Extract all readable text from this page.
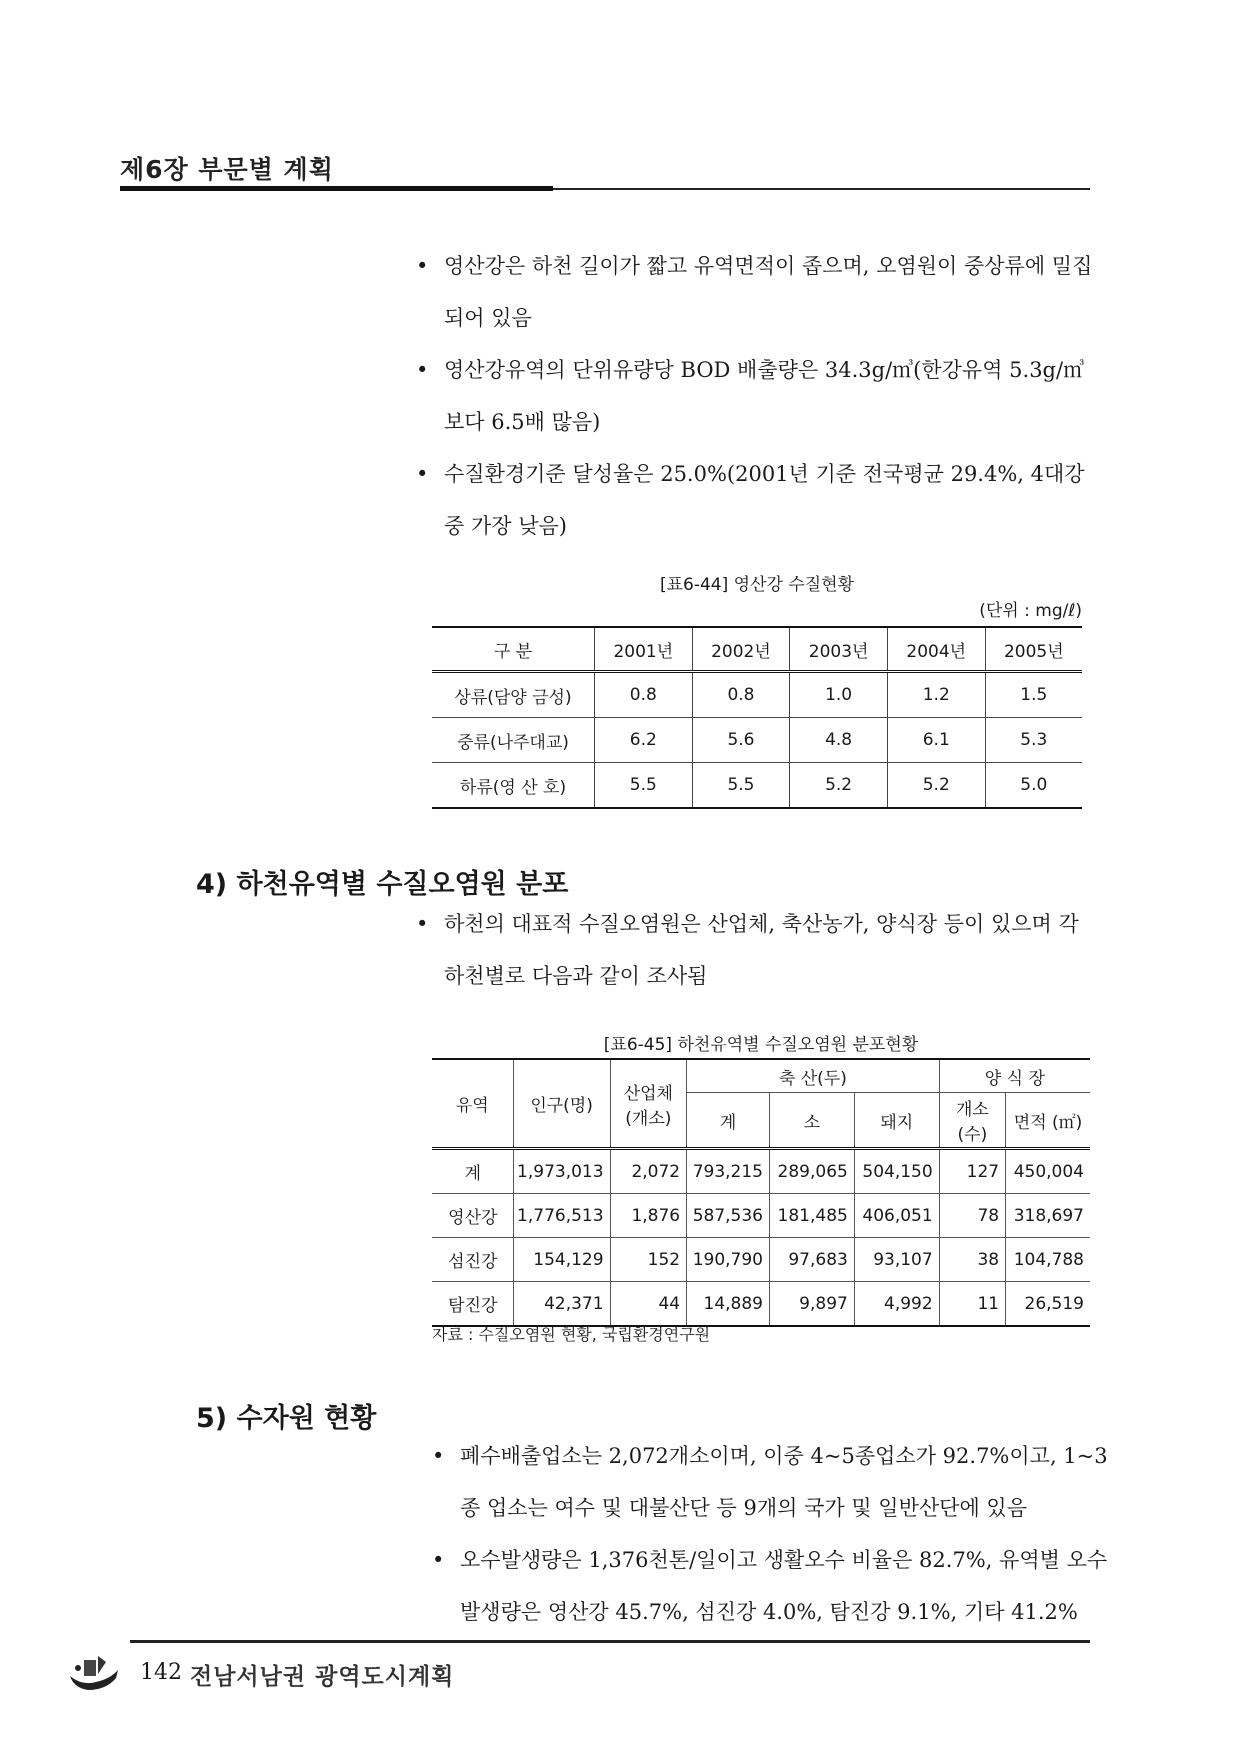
제6장 부문별 계획
• 영산강은 하천 길이가 짧고 유역면적이 좁으며, 오염원이 중상류에 밀집되어 있음
• 영산강유역의 단위유량당 BOD 배출량은 34.3g/㎥(한강유역 5.3g/㎥ 보다 6.5배 많음)
• 수질환경기준 달성율은 25.0%(2001년 기준 전국평균 29.4%, 4대강 중 가장 낮음)
[표6-44] 영산강 수질현황
(단위 : mg/ℓ)
구 분	2001년	2002년	2003년	2004년	2005년
상류(담양 금성)	0.8	0.8	1.0	1.2	1.5
중류(나주대교)	6.2	5.6	4.8	6.1	5.3
하류(영 산 호)	5.5	5.5	5.2	5.2	5.0
4) 하천유역별 수질오염원 분포
• 하천의 대표적 수질오염원은 산업체, 축산농가, 양식장 등이 있으며 각 하천별로 다음과 같이 조사됨
[표6-45] 하천유역별 수질오염원 분포현황
유역	인구(명)	산업체 (개소)	축 산(두)			양 식 장	
			계	소	돼지	개소 (수)	면적 (㎡)
계	1,973,013	2,072	793,215	289,065	504,150	127	450,004
영산강	1,776,513	1,876	587,536	181,485	406,051	78	318,697
섬진강	154,129	152	190,790	97,683	93,107	38	104,788
탐진강	42,371	44	14,889	9,897	4,992	11	26,519
자료 : 수질오염원 현황, 국립환경연구원
5) 수자원 현황
• 폐수배출업소는 2,072개소이며, 이중 4~5종업소가 92.7%이고, 1~3종 업소는 여수 및 대불산단 등 9개의 국가 및 일반산단에 있음
• 오수발생량은 1,376천톤/일이고 생활오수 비율은 82.7%, 유역별 오수발생량은 영산강 45.7%, 섬진강 4.0%, 탐진강 9.1%, 기타 41.2%
142 전남서남권 광역도시계획
